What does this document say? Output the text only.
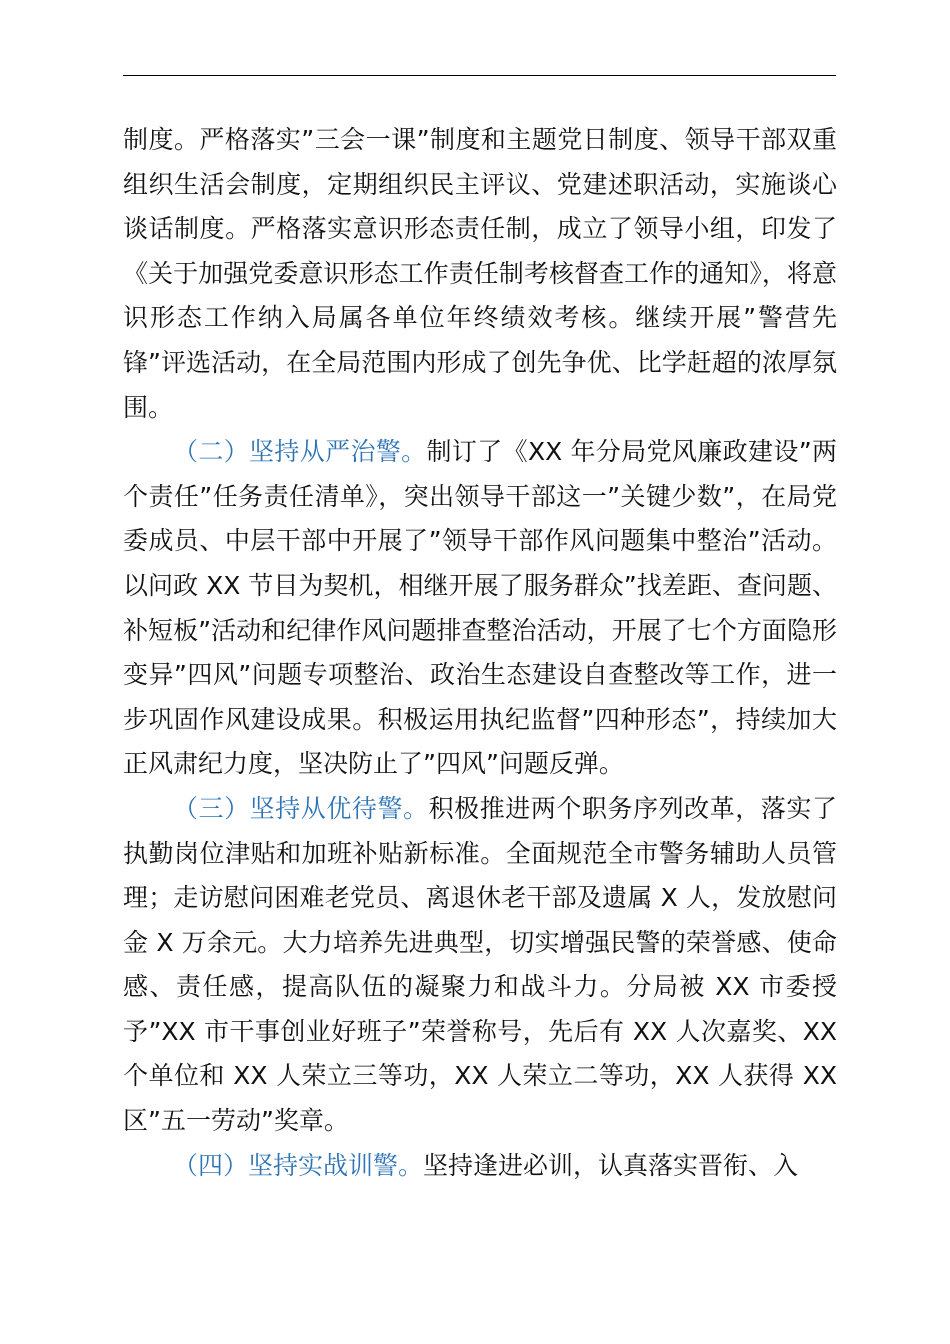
制度。严格落实”三会一课”制度和主题党日制度、领导干部双重组织生活会制度，定期组织民主评议、党建述职活动，实施谈心谈话制度。严格落实意识形态责任制，成立了领导小组，印发了《关于加强党委意识形态工作责任制考核督查工作的通知》，将意识形态工作纳入局属各单位年终绩效考核。继续开展”警营先锋”评选活动，在全局范围内形成了创先争优、比学赶超的浓厚氛围。

（二）坚持从严治警。制订了《XX 年分局党风廉政建设”两个责任”任务责任清单》，突出领导干部这一”关键少数”，在局党委成员、中层干部中开展了”领导干部作风问题集中整治”活动。以问政 XX 节目为契机，相继开展了服务群众”找差距、查问题、补短板”活动和纪律作风问题排查整治活动，开展了七个方面隐形变异”四风”问题专项整治、政治生态建设自查整改等工作，进一步巩固作风建设成果。积极运用执纪监督”四种形态”，持续加大正风肃纪力度，坚决防止了”四风”问题反弹。

（三）坚持从优待警。积极推进两个职务序列改革，落实了执勤岗位津贴和加班补贴新标准。全面规范全市警务辅助人员管理；走访慰问困难老党员、离退休老干部及遗属 X 人，发放慰问金 X 万余元。大力培养先进典型，切实增强民警的荣誉感、使命感、责任感，提高队伍的凝聚力和战斗力。分局被 XX 市委授予”XX 市干事创业好班子”荣誉称号，先后有 XX 人次嘉奖、XX 个单位和 XX 人荣立三等功，XX 人荣立二等功，XX 人获得 XX 区”五一劳动”奖章。

（四）坚持实战训警。坚持逢进必训，认真落实晋衔、入
